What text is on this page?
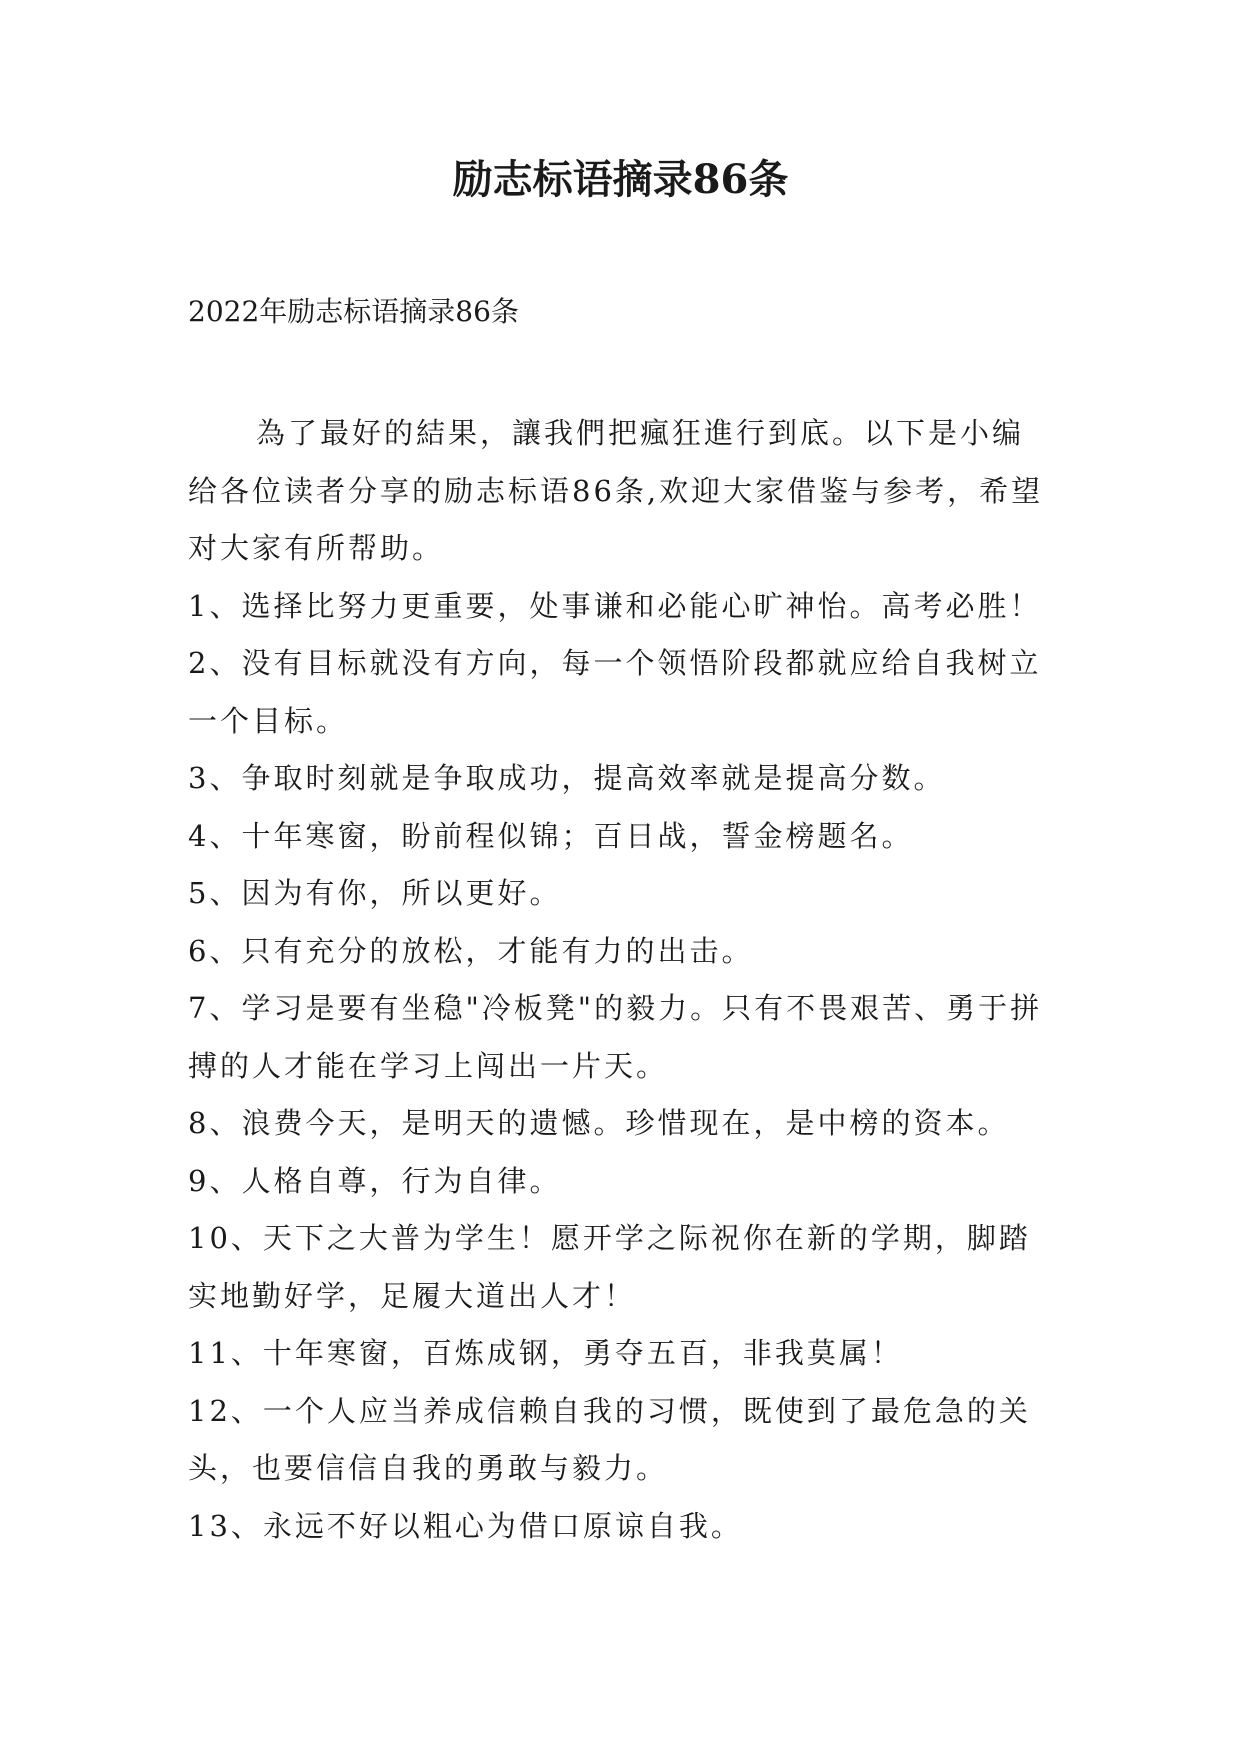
励志标语摘录86条
2022年励志标语摘录86条

為了最好的結果，讓我們把瘋狂進行到底。以下是小编给各位读者分享的励志标语86条,欢迎大家借鉴与参考，希望对大家有所帮助。

1、选择比努力更重要，处事谦和必能心旷神怡。高考必胜！

2、没有目标就没有方向，每一个领悟阶段都就应给自我树立一个目标。

3、争取时刻就是争取成功，提高效率就是提高分数。

4、十年寒窗，盼前程似锦；百日战，誓金榜题名。

5、因为有你，所以更好。

6、只有充分的放松，才能有力的出击。

7、学习是要有坐稳"冷板凳"的毅力。只有不畏艰苦、勇于拼搏的人才能在学习上闯出一片天。

8、浪费今天，是明天的遗憾。珍惜现在，是中榜的资本。

9、人格自尊，行为自律。

10、天下之大普为学生！愿开学之际祝你在新的学期，脚踏实地勤好学，足履大道出人才！

11、十年寒窗，百炼成钢，勇夺五百，非我莫属！

12、一个人应当养成信赖自我的习惯，既使到了最危急的关头，也要信信自我的勇敢与毅力。

13、永远不好以粗心为借口原谅自我。
